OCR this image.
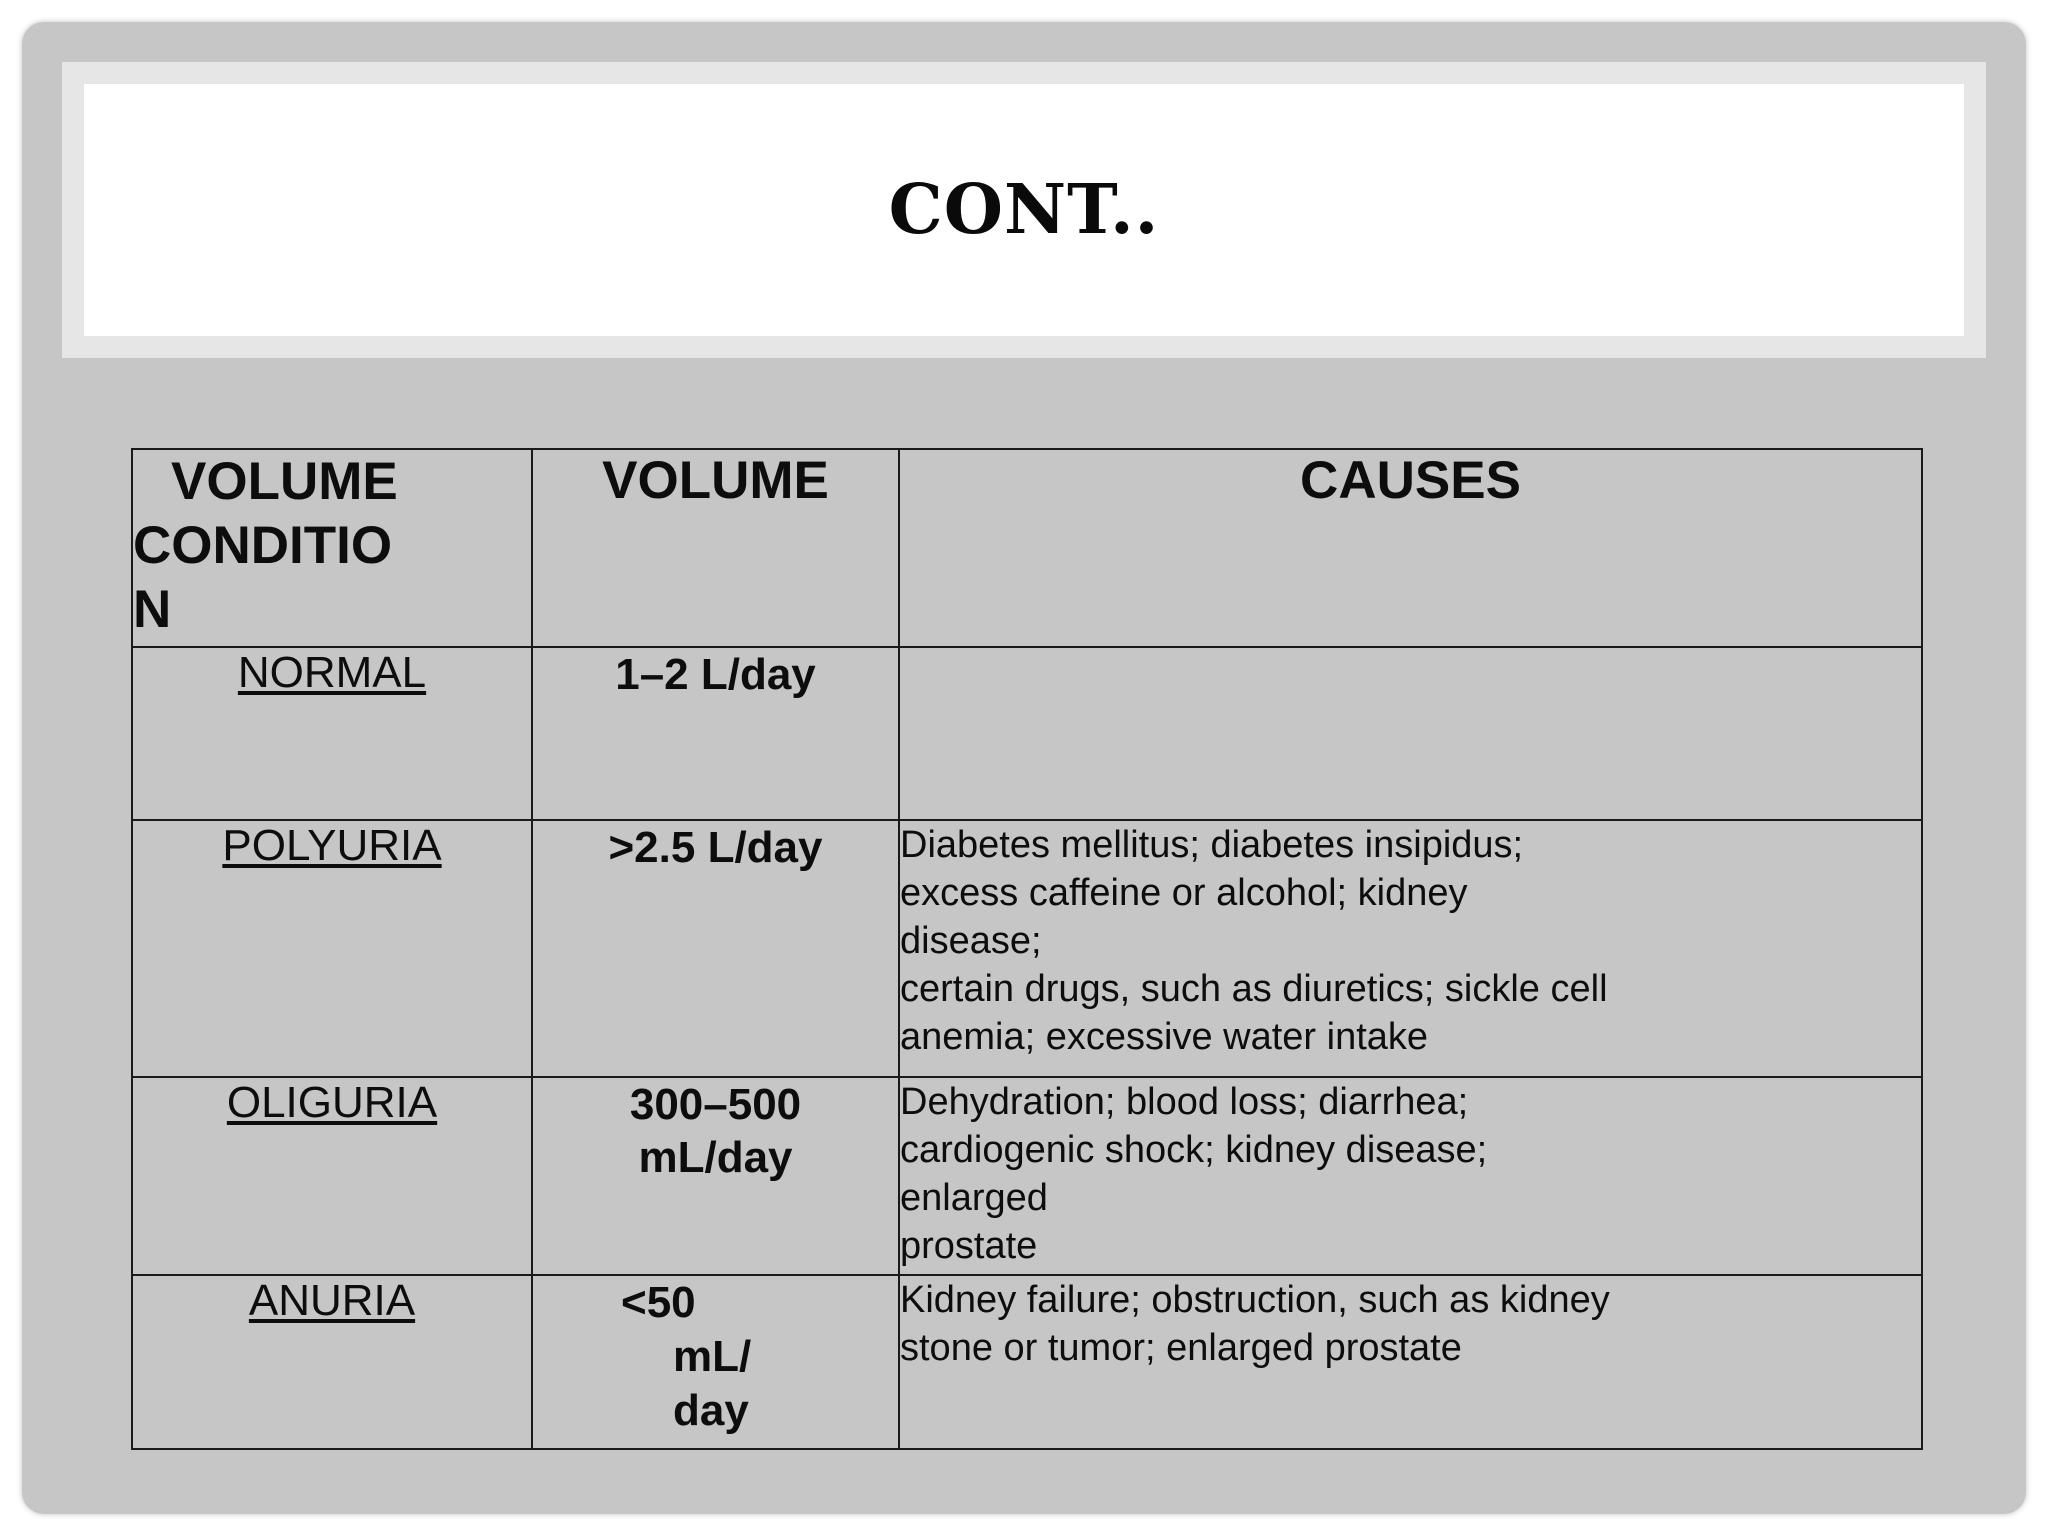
CONT..
VOLUME
CONDITIO
N	VOLUME	CAUSES
NORMAL	1–2 L/day	

POLYURIA	>2.5 L/day	Diabetes mellitus; diabetes insipidus;
excess caffeine or alcohol; kidney
disease;
certain drugs, such as diuretics; sickle cell
anemia; excessive water intake

OLIGURIA	300–500
mL/day	Dehydration; blood loss; diarrhea;
cardiogenic shock; kidney disease;
enlarged
prostate

ANURIA	<50
mL/
day	Kidney failure; obstruction, such as kidney
stone or tumor; enlarged prostate
